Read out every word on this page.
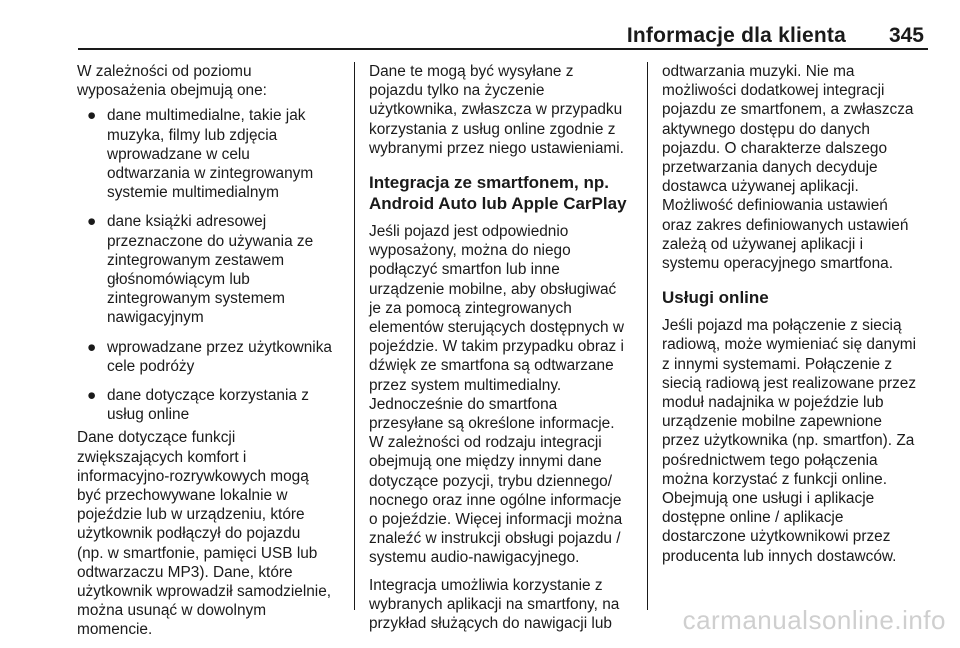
Informacje dla klienta 345

W zależności od poziomu
wyposażenia obejmują one:

● dane multimedialne, takie jak
muzyka, filmy lub zdjęcia
wprowadzane w celu
odtwarzania w zintegrowanym
systemie multimedialnym
● dane książki adresowej
przeznaczone do używania ze
zintegrowanym zestawem
głośnomówiącym lub
zintegrowanym systemem
nawigacyjnym
● wprowadzane przez użytkownika
cele podróży
● dane dotyczące korzystania z
usług online

Dane dotyczące funkcji
zwiększających komfort i
informacyjno-rozrywkowych mogą
być przechowywane lokalnie w
pojeździe lub w urządzeniu, które
użytkownik podłączył do pojazdu
(np. w smartfonie, pamięci USB lub
odtwarzaczu MP3). Dane, które
użytkownik wprowadził samodzielnie,
można usunąć w dowolnym
momencie.

Dane te mogą być wysyłane z
pojazdu tylko na życzenie
użytkownika, zwłaszcza w przypadku
korzystania z usług online zgodnie z
wybranymi przez niego ustawieniami.

Integracja ze smartfonem, np.
Android Auto lub Apple CarPlay

Jeśli pojazd jest odpowiednio
wyposażony, można do niego
podłączyć smartfon lub inne
urządzenie mobilne, aby obsługiwać
je za pomocą zintegrowanych
elementów sterujących dostępnych w
pojeździe. W takim przypadku obraz i
dźwięk ze smartfona są odtwarzane
przez system multimedialny.
Jednocześnie do smartfona
przesyłane są określone informacje.
W zależności od rodzaju integracji
obejmują one między innymi dane
dotyczące pozycji, trybu dziennego/
nocnego oraz inne ogólne informacje
o pojeździe. Więcej informacji można
znaleźć w instrukcji obsługi pojazdu /
systemu audio-nawigacyjnego.

Integracja umożliwia korzystanie z
wybranych aplikacji na smartfony, na
przykład służących do nawigacji lub

odtwarzania muzyki. Nie ma
możliwości dodatkowej integracji
pojazdu ze smartfonem, a zwłaszcza
aktywnego dostępu do danych
pojazdu. O charakterze dalszego
przetwarzania danych decyduje
dostawca używanej aplikacji.
Możliwość definiowania ustawień
oraz zakres definiowanych ustawień
zależą od używanej aplikacji i
systemu operacyjnego smartfona.

Usługi online

Jeśli pojazd ma połączenie z siecią
radiową, może wymieniać się danymi
z innymi systemami. Połączenie z
siecią radiową jest realizowane przez
moduł nadajnika w pojeździe lub
urządzenie mobilne zapewnione
przez użytkownika (np. smartfon). Za
pośrednictwem tego połączenia
można korzystać z funkcji online.
Obejmują one usługi i aplikacje
dostępne online / aplikacje
dostarczone użytkownikowi przez
producenta lub innych dostawców.

carmanualsonline.info
